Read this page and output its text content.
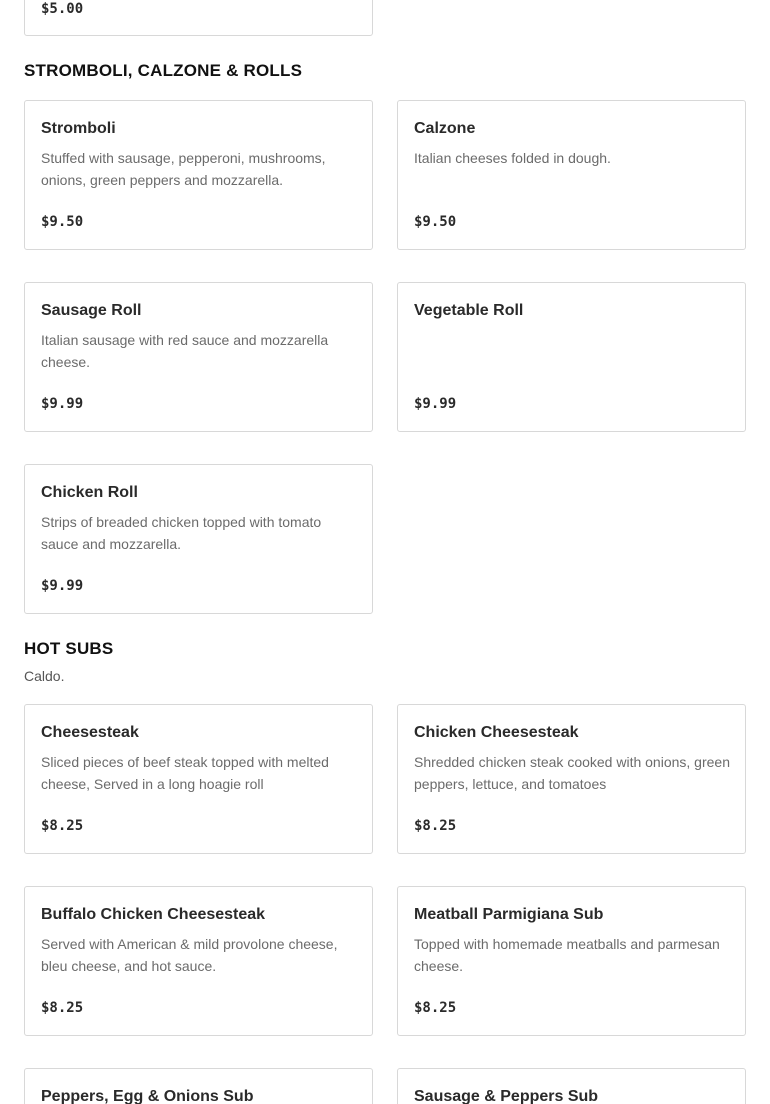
$5.00
STROMBOLI, CALZONE & ROLLS
Stromboli
Stuffed with sausage, pepperoni, mushrooms, onions, green peppers and mozzarella.
$9.50
Calzone
Italian cheeses folded in dough.
$9.50
Sausage Roll
Italian sausage with red sauce and mozzarella cheese.
$9.99
Vegetable Roll
$9.99
Chicken Roll
Strips of breaded chicken topped with tomato sauce and mozzarella.
$9.99
HOT SUBS
Caldo.
Cheesesteak
Sliced pieces of beef steak topped with melted cheese, Served in a long hoagie roll
$8.25
Chicken Cheesesteak
Shredded chicken steak cooked with onions, green peppers, lettuce, and tomatoes
$8.25
Buffalo Chicken Cheesesteak
Served with American & mild provolone cheese, bleu cheese, and hot sauce.
$8.25
Meatball Parmigiana Sub
Topped with homemade meatballs and parmesan cheese.
$8.25
Peppers, Egg & Onions Sub	Sausage & Peppers Sub
